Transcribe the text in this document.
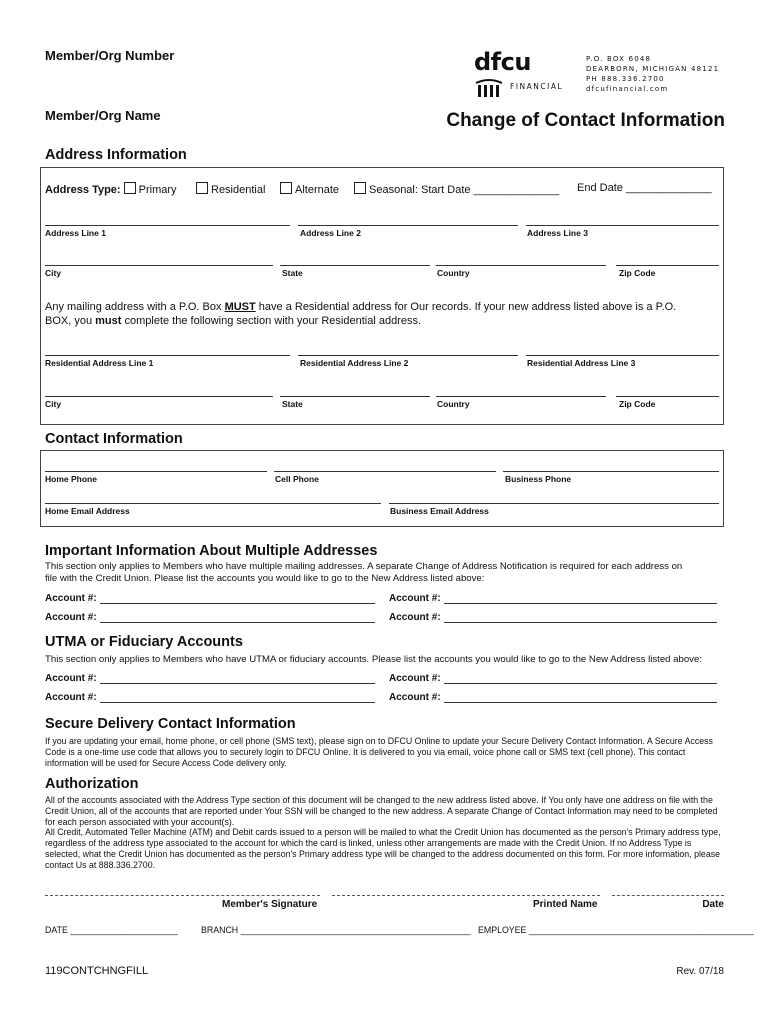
Member/Org Number
Member/Org Name
dfcu
FINANCIAL
P.O. BOX 6048
DEARBORN, MICHIGAN 48121
PH 888.336.2700
dfcufinancial.com
Change of Contact Information
Address Information
Address Type: Primary	Residential	Alternate	Seasonal: Start Date ______________ End Date ______________
Address Line 1	Address Line 2	Address Line 3
City	State	Country	Zip Code
Any mailing address with a P.O. Box MUST have a Residential address for Our records. If your new address listed above is a P.O.
BOX, you must complete the following section with your Residential address.
Residential Address Line 1	Residential Address Line 2	Residential Address Line 3
City	State	Country	Zip Code
Contact Information
Home Phone	Cell Phone	Business Phone
Home Email Address	Business Email Address
Important Information About Multiple Addresses
This section only applies to Members who have multiple mailing addresses. A separate Change of Address Notification is required for each address on
file with the Credit Union. Please list the accounts you would like to go to the New Address listed above:
Account #:	Account #:
Account #:	Account #:
UTMA or Fiduciary Accounts
This section only applies to Members who have UTMA or fiduciary accounts. Please list the accounts you would like to go to the New Address listed above:
Account #:	Account #:
Account #:	Account #:
Secure Delivery Contact Information
If you are updating your email, home phone, or cell phone (SMS text), please sign on to DFCU Online to update your Secure Delivery Contact Information. A Secure Access
Code is a one-time use code that allows you to securely login to DFCU Online. It is delivered to you via email, voice phone call or SMS text (cell phone). This contact
information will be used for Secure Access Code delivery only.
Authorization
All of the accounts associated with the Address Type section of this document will be changed to the new address listed above. If You only have one address on file with the
Credit Union, all of the accounts that are reported under Your SSN will be changed to the new address. A separate Change of Contact Information may need to be completed
for each person associated with your account(s).
All Credit, Automated Teller Machine (ATM) and Debit cards issued to a person will be mailed to what the Credit Union has documented as the person's Primary address type,
regardless of the address type associated to the account for which the card is linked, unless other arrangements are made with the Credit Union. If no Address Type is
selected, what the Credit Union has documented as the person's Primary address type will be changed to the address documented on this form. For more information, please
contact Us at 888.336.2700.
Member's Signature	Printed Name	Date
DATE ______________________	BRANCH _______________________________________________ EMPLOYEE ______________________________________________
119CONTCHNGFILL	Rev. 07/18
